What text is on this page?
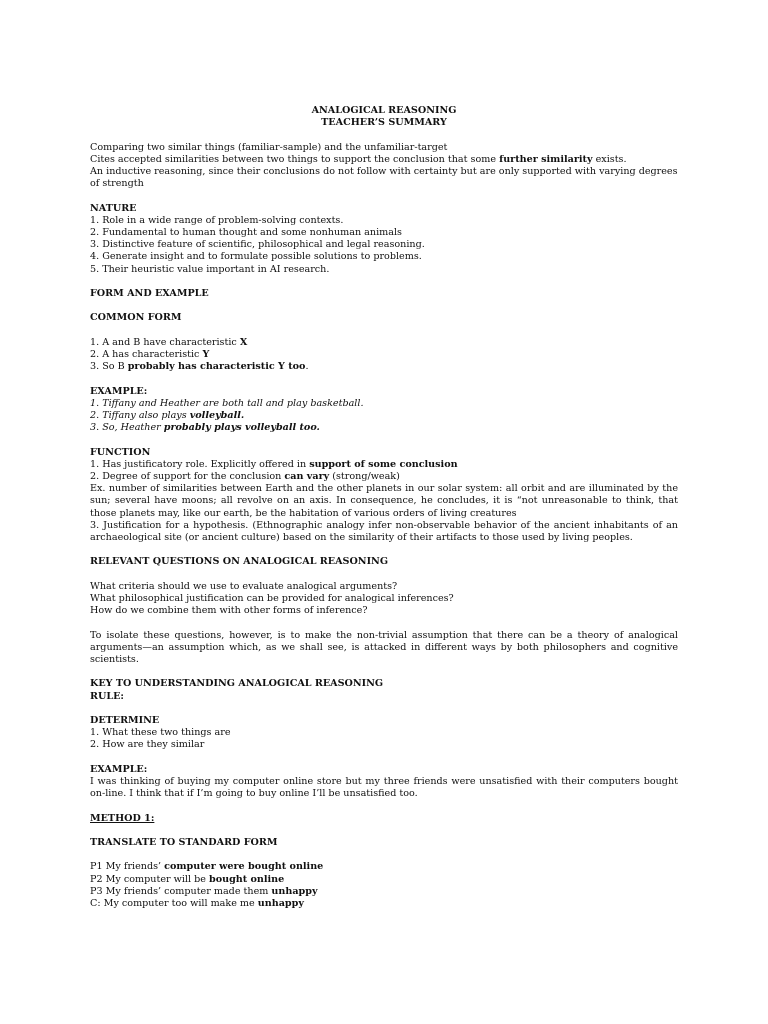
ANALOGICAL REASONING

TEACHER’S SUMMARY

Comparing two similar things (familiar-sample) and the unfamiliar-target

Cites accepted similarities between two things to support the conclusion that some further similarity exists.

An inductive reasoning, since their conclusions do not follow with certainty but are only supported with varying degrees of strength

NATURE

1. Role in a wide range of problem-solving contexts.

2. Fundamental to human thought and some nonhuman animals

3. Distinctive feature of scientific, philosophical and legal reasoning.

4. Generate insight and to formulate possible solutions to problems.

5. Their heuristic value important in AI research.

FORM AND EXAMPLE

COMMON FORM

1. A and B have characteristic X

2. A has characteristic Y

3. So B probably has characteristic Y too.

EXAMPLE:

1. Tiffany and Heather are both tall and play basketball.

2. Tiffany also plays volleyball.

3. So, Heather probably plays volleyball too.

FUNCTION

1. Has justificatory role. Explicitly offered in support of some conclusion

2. Degree of support for the conclusion can vary (strong/weak)

Ex. number of similarities between Earth and the other planets in our solar system: all orbit and are illuminated by the sun; several have moons; all revolve on an axis. In consequence, he concludes, it is “not unreasonable to think, that those planets may, like our earth, be the habitation of various orders of living creatures

3. Justification for a hypothesis. (Ethnographic analogy infer non-observable behavior of the ancient inhabitants of an archaeological site (or ancient culture) based on the similarity of their artifacts to those used by living peoples.

RELEVANT QUESTIONS ON ANALOGICAL REASONING

What criteria should we use to evaluate analogical arguments?

What philosophical justification can be provided for analogical inferences?

How do we combine them with other forms of inference?

To isolate these questions, however, is to make the non-trivial assumption that there can be a theory of analogical arguments—an assumption which, as we shall see, is attacked in different ways by both philosophers and cognitive scientists.

KEY TO UNDERSTANDING ANALOGICAL REASONING

RULE:

DETERMINE

1. What these two things are

2. How are they similar

EXAMPLE:

I was thinking of buying my computer online store but my three friends were unsatisfied with their computers bought on-line. I think that if I’m going to buy online I’ll be unsatisfied too.

METHOD 1:

TRANSLATE TO STANDARD FORM

P1 My friends’ computer were bought online

P2 My computer will be bought online

P3 My friends’ computer made them unhappy

C: My computer too will make me unhappy
